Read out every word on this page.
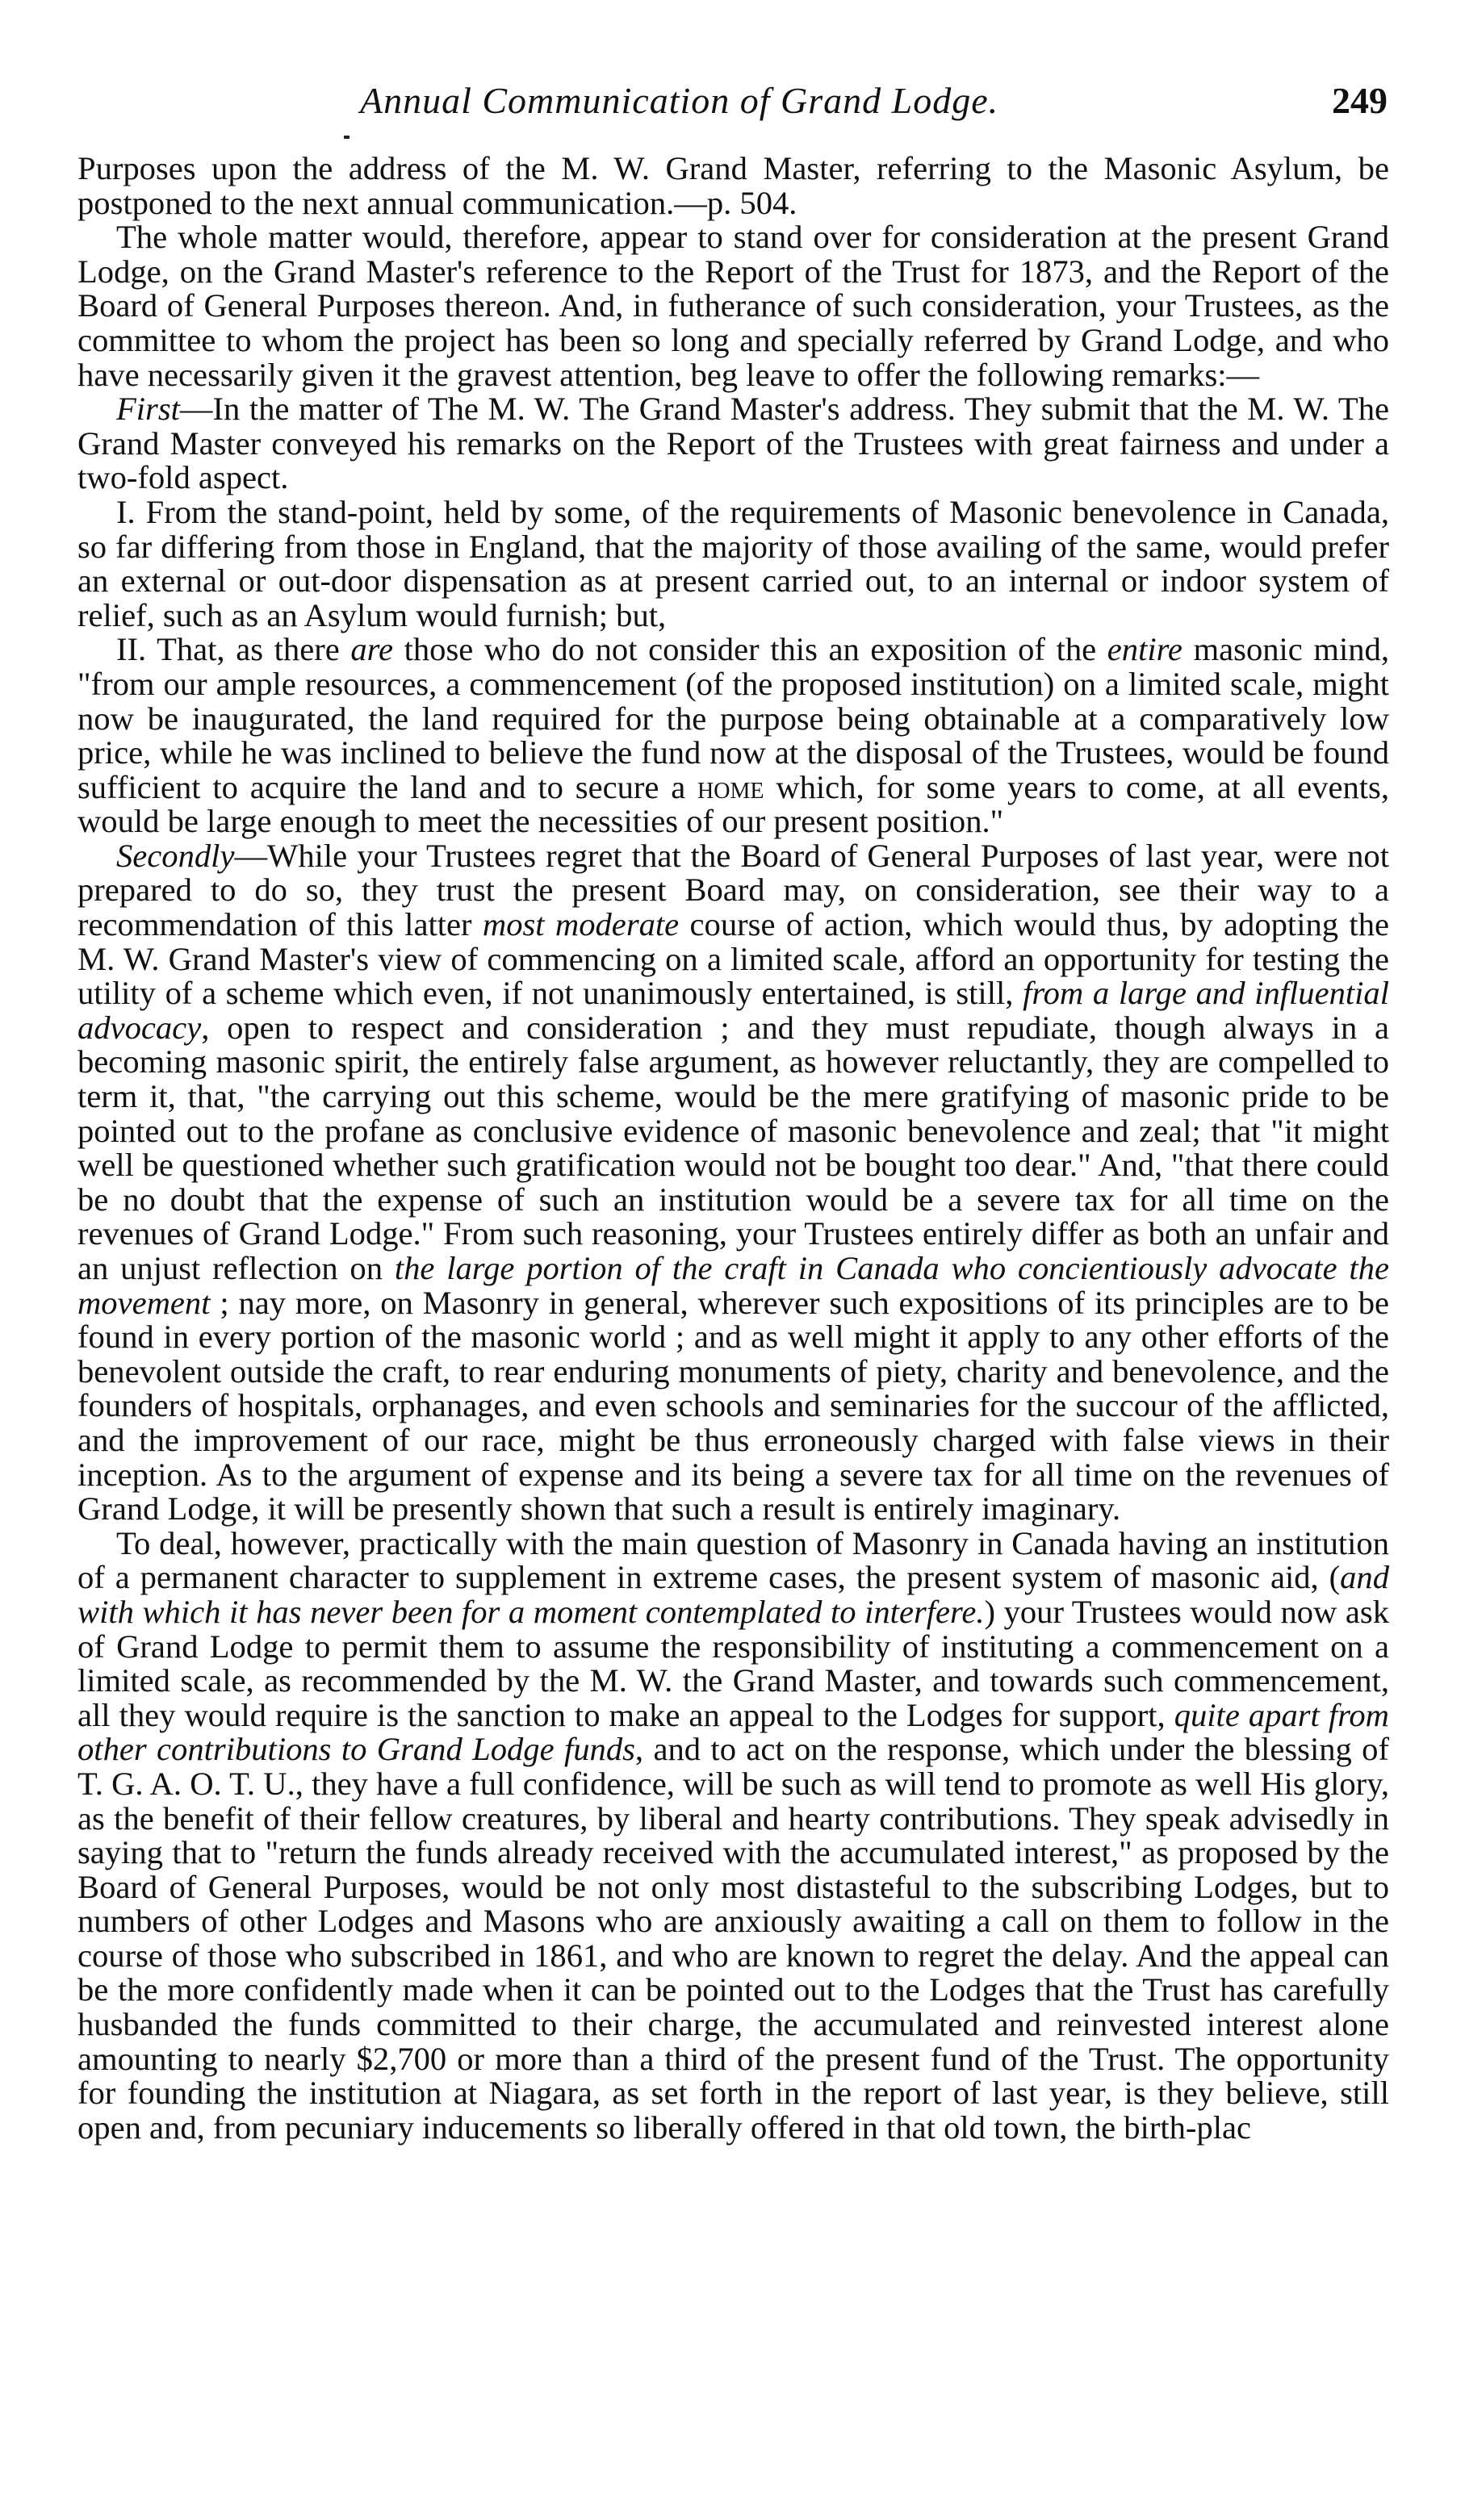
Annual Communication of Grand Lodge.	249

Purposes upon the address of the M. W. Grand Master, referring to the Masonic Asylum, be postponed to the next annual communication.—p. 504.

The whole matter would, therefore, appear to stand over for consideration at the present Grand Lodge, on the Grand Master's reference to the Report of the Trust for 1873, and the Report of the Board of General Purposes thereon. And, in futherance of such consideration, your Trustees, as the committee to whom the project has been so long and specially referred by Grand Lodge, and who have necessarily given it the gravest attention, beg leave to offer the following remarks:—

First—In the matter of The M. W. The Grand Master's address. They submit that the M. W. The Grand Master conveyed his remarks on the Report of the Trustees with great fairness and under a two-fold aspect.

I. From the stand-point, held by some, of the requirements of Masonic benevolence in Canada, so far differing from those in England, that the majority of those availing of the same, would prefer an external or out-door dispensation as at present carried out, to an internal or indoor system of relief, such as an Asylum would furnish; but,

II. That, as there are those who do not consider this an exposition of the entire masonic mind, "from our ample resources, a commencement (of the proposed institution) on a limited scale, might now be inaugurated, the land required for the purpose being obtainable at a comparatively low price, while he was inclined to believe the fund now at the disposal of the Trustees, would be found sufficient to acquire the land and to secure a home which, for some years to come, at all events, would be large enough to meet the necessities of our present position."

Secondly—While your Trustees regret that the Board of General Purposes of last year, were not prepared to do so, they trust the present Board may, on consideration, see their way to a recommendation of this latter most moderate course of action, which would thus, by adopting the M. W. Grand Master's view of commencing on a limited scale, afford an opportunity for testing the utility of a scheme which even, if not unanimously entertained, is still, from a large and influential advocacy, open to respect and consideration ; and they must repudiate, though always in a becoming masonic spirit, the entirely false argument, as however reluctantly, they are compelled to term it, that, "the carrying out this scheme, would be the mere gratifying of masonic pride to be pointed out to the profane as conclusive evidence of masonic benevolence and zeal; that "it might well be questioned whether such gratification would not be bought too dear." And, "that there could be no doubt that the expense of such an institution would be a severe tax for all time on the revenues of Grand Lodge." From such reasoning, your Trustees entirely differ as both an unfair and an unjust reflection on the large portion of the craft in Canada who concientiously advocate the movement ; nay more, on Masonry in general, wherever such expositions of its principles are to be found in every portion of the masonic world ; and as well might it apply to any other efforts of the benevolent outside the craft, to rear enduring monuments of piety, charity and benevolence, and the founders of hospitals, orphanages, and even schools and seminaries for the succour of the afflicted, and the improvement of our race, might be thus erroneously charged with false views in their inception. As to the argument of expense and its being a severe tax for all time on the revenues of Grand Lodge, it will be presently shown that such a result is entirely imaginary.

To deal, however, practically with the main question of Masonry in Canada having an institution of a permanent character to supplement in extreme cases, the present system of masonic aid, (and with which it has never been for a moment contemplated to interfere.) your Trustees would now ask of Grand Lodge to permit them to assume the responsibility of instituting a commencement on a limited scale, as recommended by the M. W. the Grand Master, and towards such commencement, all they would require is the sanction to make an appeal to the Lodges for support, quite apart from other contributions to Grand Lodge funds, and to act on the response, which under the blessing of T. G. A. O. T. U., they have a full confidence, will be such as will tend to promote as well His glory, as the benefit of their fellow creatures, by liberal and hearty contributions. They speak advisedly in saying that to "return the funds already received with the accumulated interest," as proposed by the Board of General Purposes, would be not only most distasteful to the subscribing Lodges, but to numbers of other Lodges and Masons who are anxiously awaiting a call on them to follow in the course of those who subscribed in 1861, and who are known to regret the delay. And the appeal can be the more confidently made when it can be pointed out to the Lodges that the Trust has carefully husbanded the funds committed to their charge, the accumulated and reinvested interest alone amounting to nearly $2,700 or more than a third of the present fund of the Trust. The opportunity for founding the institution at Niagara, as set forth in the report of last year, is they believe, still open and, from pecuniary inducements so liberally offered in that old town, the birth-plac
